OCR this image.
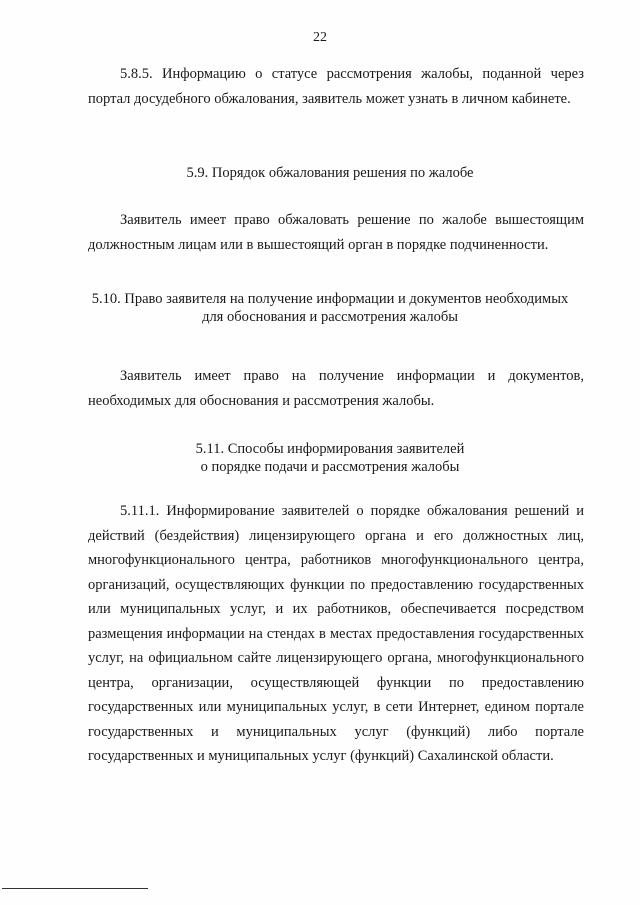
22

5.8.5. Информацию о статусе рассмотрения жалобы, поданной через портал досудебного обжалования, заявитель может узнать в личном кабинете.

5.9. Порядок обжалования решения по жалобе

Заявитель имеет право обжаловать решение по жалобе вышестоящим должностным лицам или в вышестоящий орган в порядке подчиненности.

5.10. Право заявителя на получение информации и документов необходимых
для обоснования и рассмотрения жалобы

Заявитель имеет право на получение информации и документов, необходимых для обоснования и рассмотрения жалобы.

5.11. Способы информирования заявителей
о порядке подачи и рассмотрения жалобы

5.11.1. Информирование заявителей о порядке обжалования решений и действий (бездействия) лицензирующего органа и его должностных лиц, многофункционального центра, работников многофункционального центра, организаций, осуществляющих функции по предоставлению государственных или муниципальных услуг, и их работников, обеспечивается посредством размещения информации на стендах в местах предоставления государственных услуг, на официальном сайте лицензирующего органа, многофункционального центра, организации, осуществляющей функции по предоставлению государственных или муниципальных услуг, в сети Интернет, едином портале государственных и муниципальных услуг (функций) либо портале государственных и муниципальных услуг (функций) Сахалинской области.
